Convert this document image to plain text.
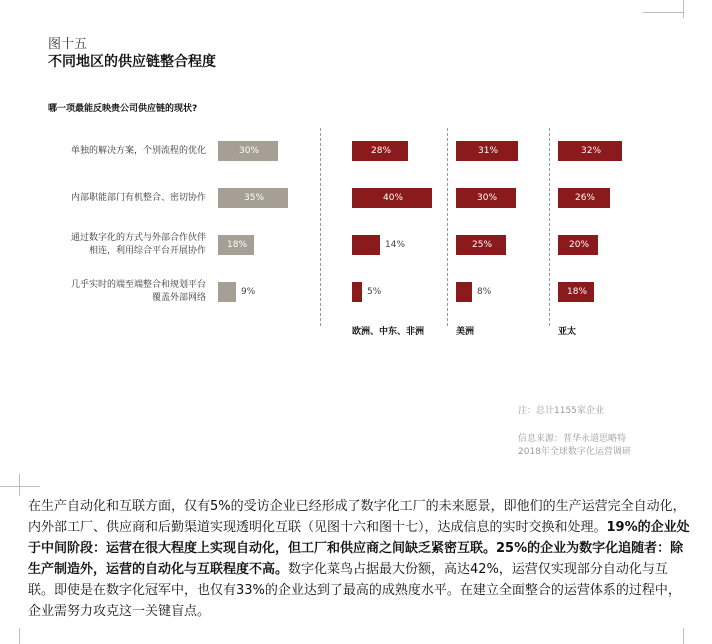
图十五
不同地区的供应链整合程度
哪一项最能反映贵公司供应链的现状?
单独的解决方案，个别流程的优化
内部职能部门有机整合、密切协作
通过数字化的方式与外部合作伙伴
相连，利用综合平台开展协作
几乎实时的端至端整合和规划平台
覆盖外部网络
30%
35%
18%
9%
28%
40%
14%
5%
欧洲、中东、非洲
31%
30%
25%
8%
美洲
32%
26%
20%
18%
亚太
注：总计1155家企业
信息来源：普华永道思略特
2018年全球数字化运营调研
在生产自动化和互联方面，仅有5%的受访企业已经形成了数字化工厂的未来愿景，即他们的生产运营完全自动化，内外部工厂、供应商和后勤渠道实现透明化互联（见图十六和图十七），达成信息的实时交换和处理。19%的企业处于中间阶段：运营在很大程度上实现自动化，但工厂和供应商之间缺乏紧密互联。25%的企业为数字化追随者：除生产制造外，运营的自动化与互联程度不高。数字化菜鸟占据最大份额，高达42%，运营仅实现部分自动化与互联。即使是在数字化冠军中，也仅有33%的企业达到了最高的成熟度水平。在建立全面整合的运营体系的过程中，企业需努力攻克这一关键盲点。
